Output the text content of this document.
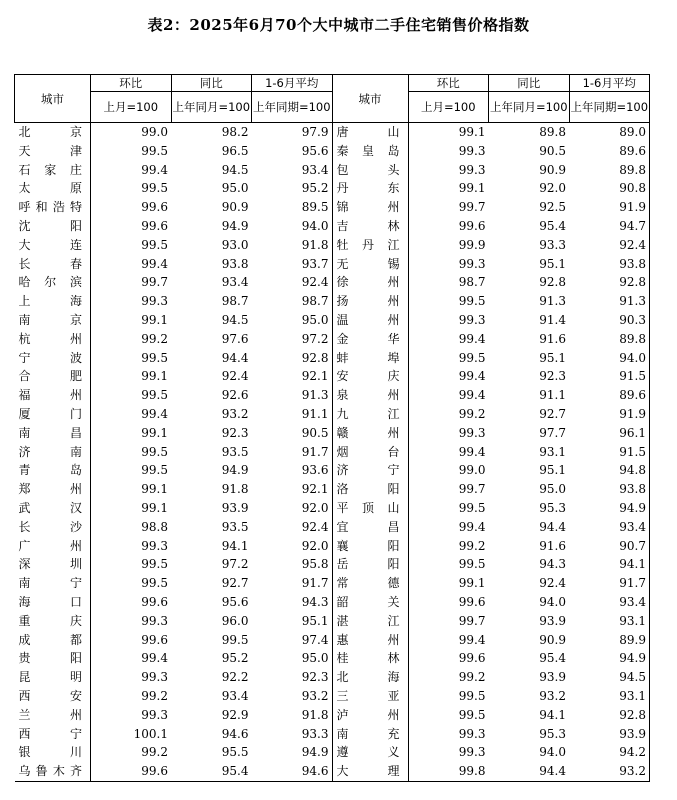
表2：2025年6月70个大中城市二手住宅销售价格指数
城市	环比	同比	1-6月平均	城市	环比	同比	1-6月平均
	上月=100	上年同月=100	上年同期=100		上月=100	上年同月=100	上年同期=100
北京	99.0	98.2	97.9	唐山	99.1	89.8	89.0
天津	99.5	96.5	95.6	秦皇岛	99.3	90.5	89.6
石家庄	99.4	94.5	93.4	包头	99.3	90.9	89.8
太原	99.5	95.0	95.2	丹东	99.1	92.0	90.8
呼和浩特	99.6	90.9	89.5	锦州	99.7	92.5	91.9
沈阳	99.6	94.9	94.0	吉林	99.6	95.4	94.7
大连	99.5	93.0	91.8	牡丹江	99.9	93.3	92.4
长春	99.4	93.8	93.7	无锡	99.3	95.1	93.8
哈尔滨	99.7	93.4	92.4	徐州	98.7	92.8	92.8
上海	99.3	98.7	98.7	扬州	99.5	91.3	91.3
南京	99.1	94.5	95.0	温州	99.3	91.4	90.3
杭州	99.2	97.6	97.2	金华	99.4	91.6	89.8
宁波	99.5	94.4	92.8	蚌埠	99.5	95.1	94.0
合肥	99.1	92.4	92.1	安庆	99.4	92.3	91.5
福州	99.5	92.6	91.3	泉州	99.4	91.1	89.6
厦门	99.4	93.2	91.1	九江	99.2	92.7	91.9
南昌	99.1	92.3	90.5	赣州	99.3	97.7	96.1
济南	99.5	93.5	91.7	烟台	99.4	93.1	91.5
青岛	99.5	94.9	93.6	济宁	99.0	95.1	94.8
郑州	99.1	91.8	92.1	洛阳	99.7	95.0	93.8
武汉	99.1	93.9	92.0	平顶山	99.5	95.3	94.9
长沙	98.8	93.5	92.4	宜昌	99.4	94.4	93.4
广州	99.3	94.1	92.0	襄阳	99.2	91.6	90.7
深圳	99.5	97.2	95.8	岳阳	99.5	94.3	94.1
南宁	99.5	92.7	91.7	常德	99.1	92.4	91.7
海口	99.6	95.6	94.3	韶关	99.6	94.0	93.4
重庆	99.3	96.0	95.1	湛江	99.7	93.9	93.1
成都	99.6	99.5	97.4	惠州	99.4	90.9	89.9
贵阳	99.4	95.2	95.0	桂林	99.6	95.4	94.9
昆明	99.3	92.2	92.3	北海	99.2	93.9	94.5
西安	99.2	93.4	93.2	三亚	99.5	93.2	93.1
兰州	99.3	92.9	91.8	泸州	99.5	94.1	92.8
西宁	100.1	94.6	93.3	南充	99.3	95.3	93.9
银川	99.2	95.5	94.9	遵义	99.3	94.0	94.2
乌鲁木齐	99.6	95.4	94.6	大理	99.8	94.4	93.2
